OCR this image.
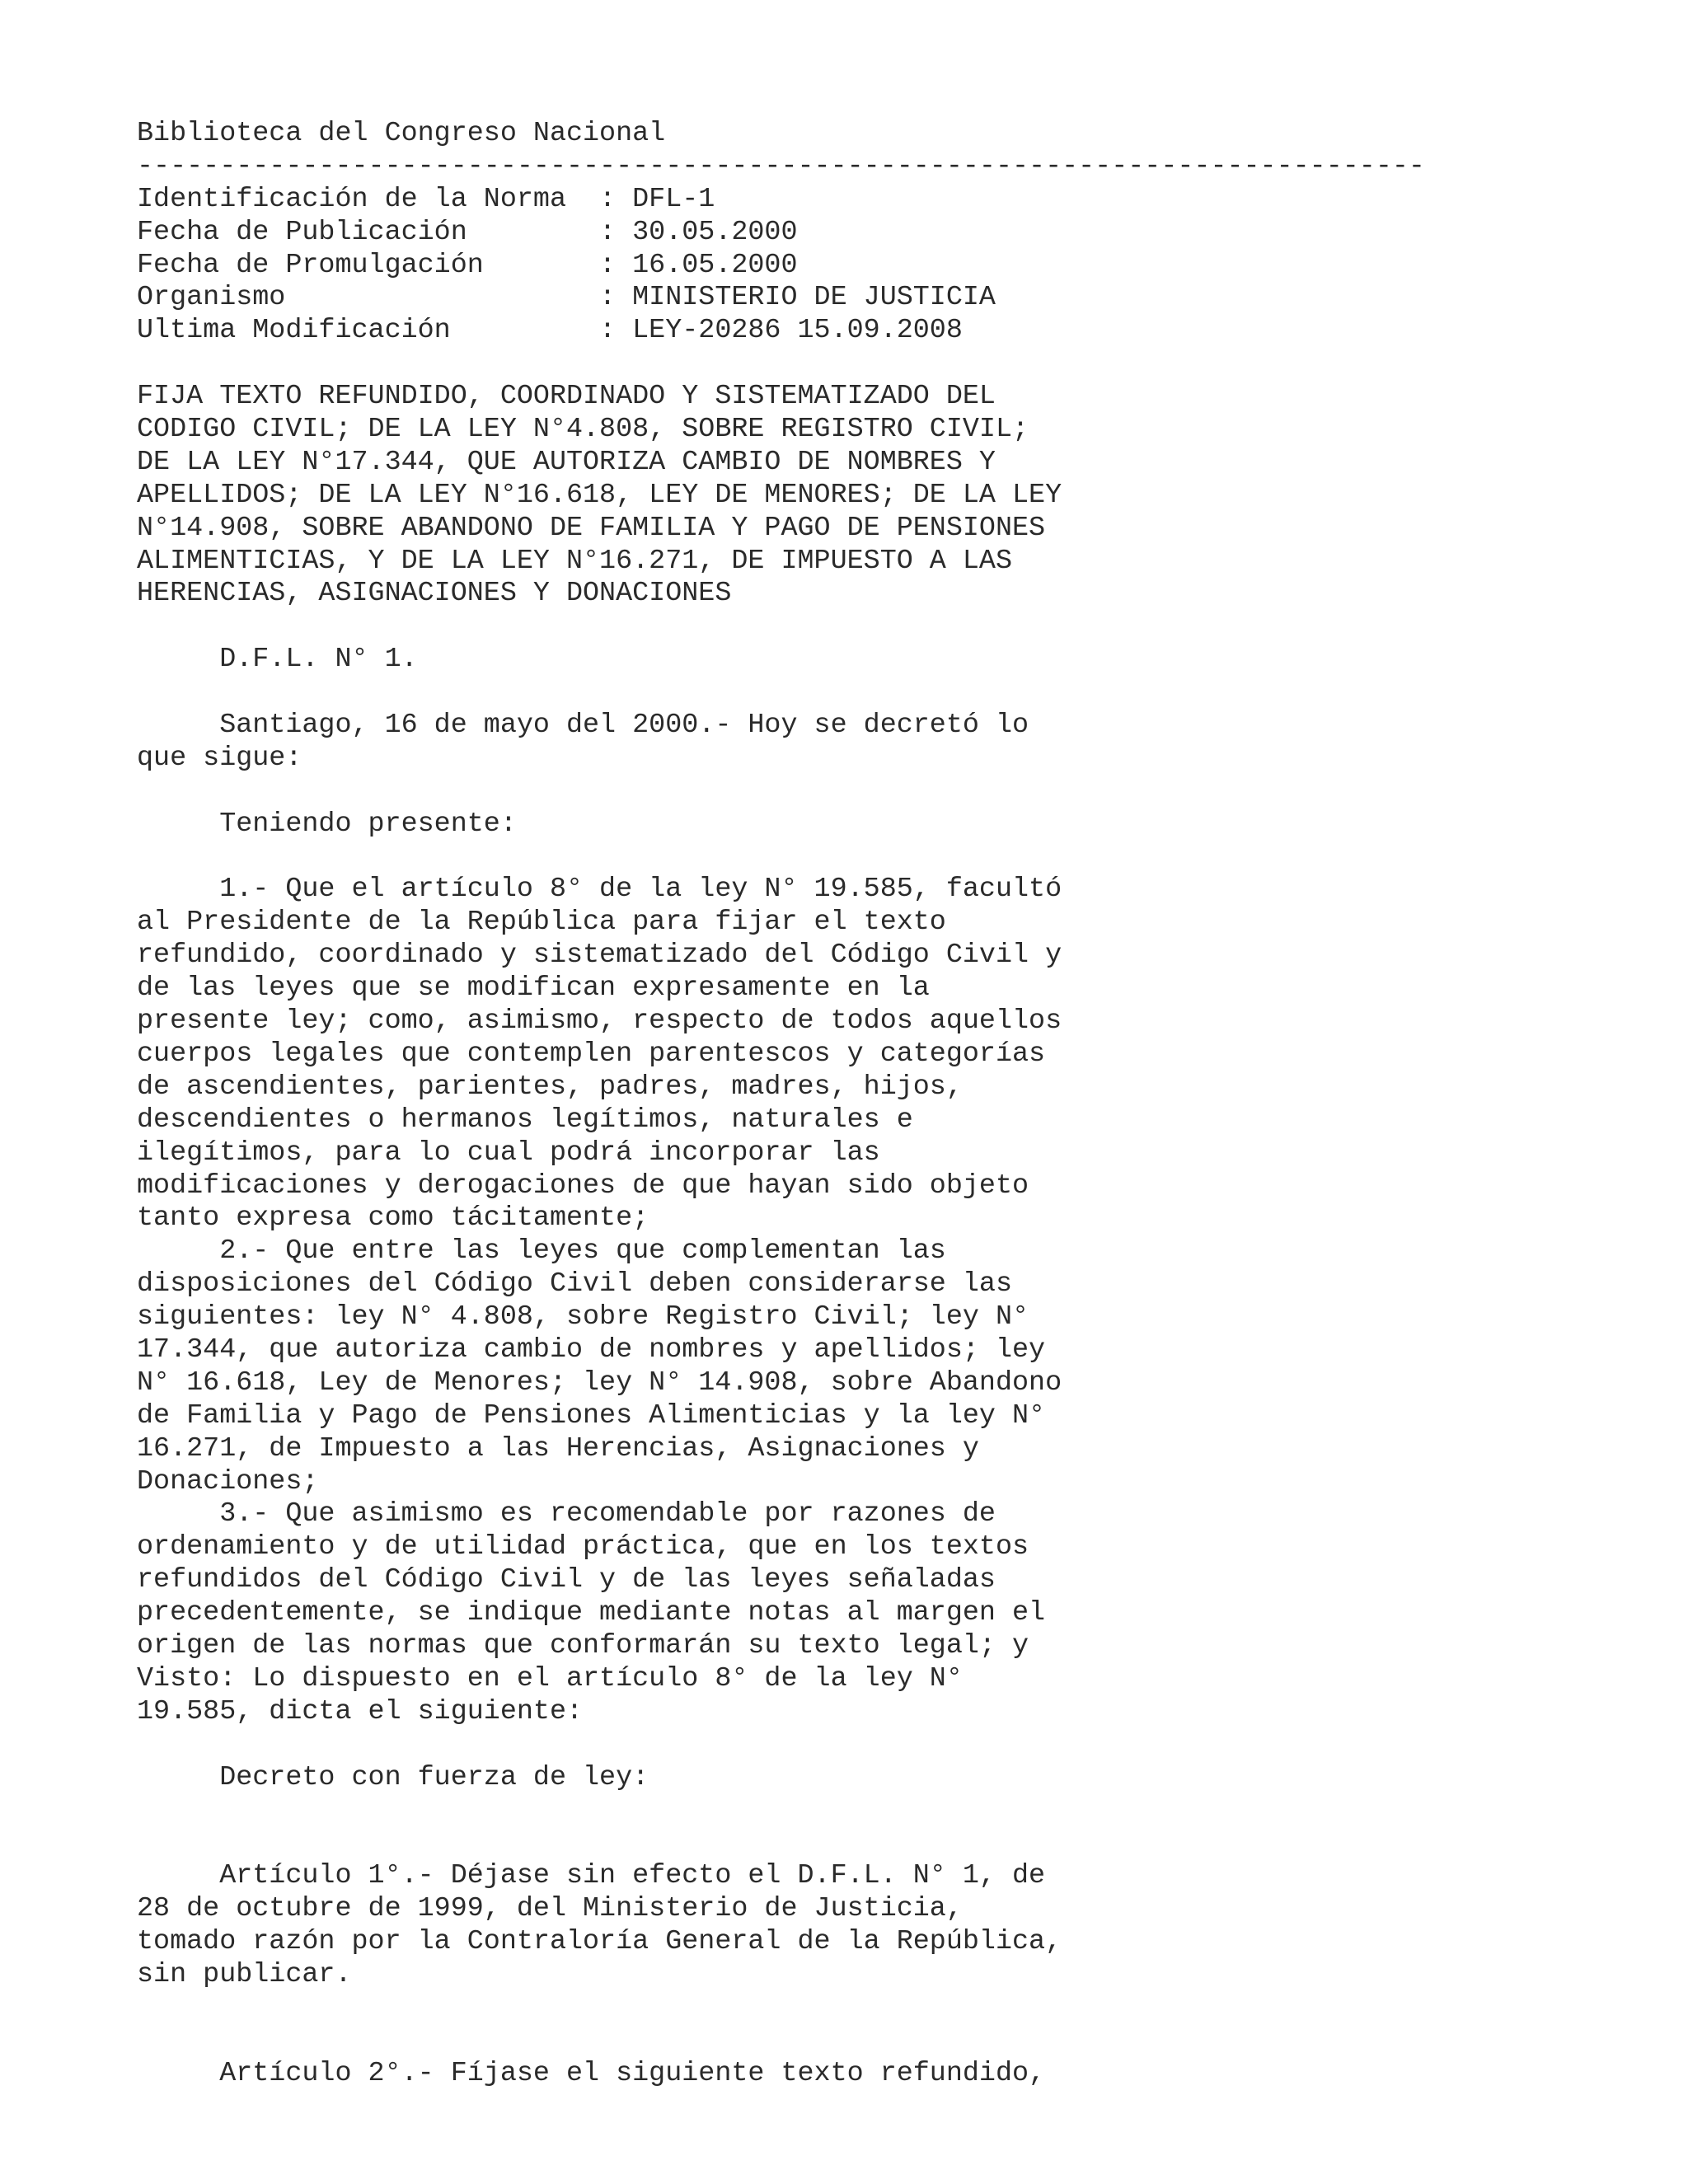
Biblioteca del Congreso Nacional
------------------------------------------------------------------------------
Identificación de la Norma  : DFL-1
Fecha de Publicación        : 30.05.2000
Fecha de Promulgación       : 16.05.2000
Organismo                   : MINISTERIO DE JUSTICIA
Ultima Modificación         : LEY-20286 15.09.2008
FIJA TEXTO REFUNDIDO, COORDINADO Y SISTEMATIZADO DEL
CODIGO CIVIL; DE LA LEY N°4.808, SOBRE REGISTRO CIVIL;
DE LA LEY N°17.344, QUE AUTORIZA CAMBIO DE NOMBRES Y
APELLIDOS; DE LA LEY N°16.618, LEY DE MENORES; DE LA LEY
N°14.908, SOBRE ABANDONO DE FAMILIA Y PAGO DE PENSIONES
ALIMENTICIAS, Y DE LA LEY N°16.271, DE IMPUESTO A LAS
HERENCIAS, ASIGNACIONES Y DONACIONES
D.F.L. N° 1.
Santiago, 16 de mayo del 2000.- Hoy se decretó lo
que sigue:
Teniendo presente:
1.- Que el artículo 8° de la ley N° 19.585, facultó
al Presidente de la República para fijar el texto
refundido, coordinado y sistematizado del Código Civil y
de las leyes que se modifican expresamente en la
presente ley; como, asimismo, respecto de todos aquellos
cuerpos legales que contemplen parentescos y categorías
de ascendientes, parientes, padres, madres, hijos,
descendientes o hermanos legítimos, naturales e
ilegítimos, para lo cual podrá incorporar las
modificaciones y derogaciones de que hayan sido objeto
tanto expresa como tácitamente;
2.- Que entre las leyes que complementan las
disposiciones del Código Civil deben considerarse las
siguientes: ley N° 4.808, sobre Registro Civil; ley N°
17.344, que autoriza cambio de nombres y apellidos; ley
N° 16.618, Ley de Menores; ley N° 14.908, sobre Abandono
de Familia y Pago de Pensiones Alimenticias y la ley N°
16.271, de Impuesto a las Herencias, Asignaciones y
Donaciones;
3.- Que asimismo es recomendable por razones de
ordenamiento y de utilidad práctica, que en los textos
refundidos del Código Civil y de las leyes señaladas
precedentemente, se indique mediante notas al margen el
origen de las normas que conformarán su texto legal; y
Visto: Lo dispuesto en el artículo 8° de la ley N°
19.585, dicta el siguiente:
Decreto con fuerza de ley:
Artículo 1°.- Déjase sin efecto el D.F.L. N° 1, de
28 de octubre de 1999, del Ministerio de Justicia,
tomado razón por la Contraloría General de la República,
sin publicar.
Artículo 2°.- Fíjase el siguiente texto refundido,
